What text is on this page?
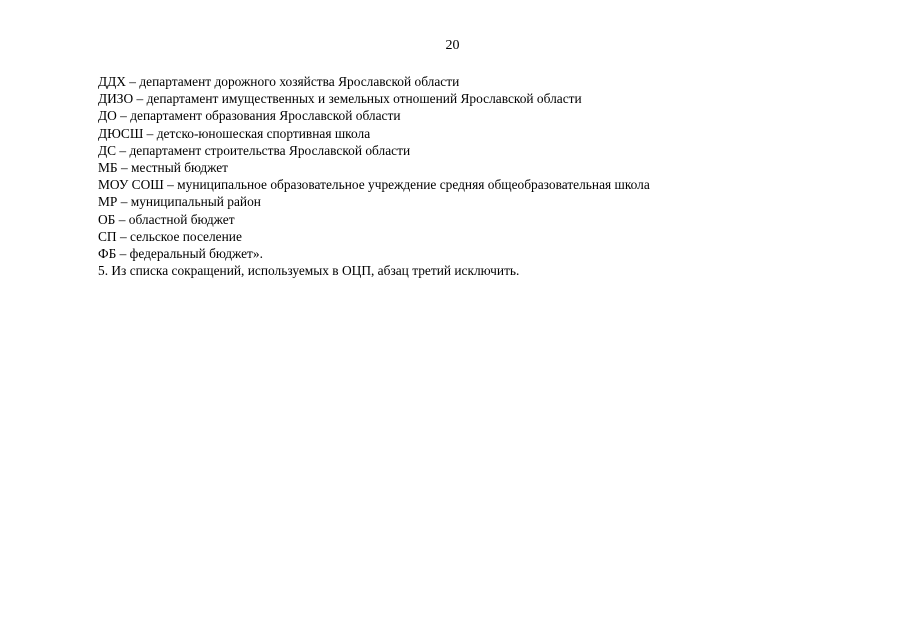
20
ДДХ – департамент дорожного хозяйства Ярославской области
ДИЗО – департамент имущественных и земельных отношений Ярославской области
ДО – департамент образования Ярославской области
ДЮСШ – детско-юношеская спортивная школа
ДС – департамент строительства Ярославской области
МБ – местный бюджет
МОУ СОШ – муниципальное образовательное учреждение средняя общеобразовательная школа
МР – муниципальный район
ОБ – областной бюджет
СП – сельское поселение
ФБ – федеральный бюджет».
5. Из списка сокращений, используемых в ОЦП, абзац третий исключить.
